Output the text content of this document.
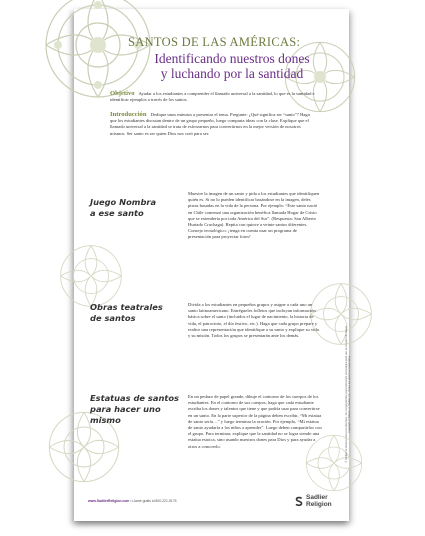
SANTOS DE LAS AMÉRICAS:

Identificando nuestros dones
y luchando por la santidad

Objetivo Ayudar a los estudiantes a comprender el llamado universal a la santidad, lo que es la santidad e identificar ejemplos a través de los santos.

Introducción Dedique unos minutos a presentar el tema. Pregunte: ¿Qué significa ser “santo”? Haga que los estudiantes discutan dentro de un grupo pequeño, luego comparta ideas con la clase. Explique que el llamado universal a la santidad se trata de esforzarnos para convertirnos en la mejor versión de nosotros mismos. Ser santo es ser quien Dios nos creó para ser.

Juego Nombra
a ese santo

Muestre la imagen de un santo y pida a los estudiantes que identifiquen quién es. Si no lo pueden identificar basándose en la imagen, deles pistas basadas en la vida de la persona. Por ejemplo: “Este santo nació en Chile comenzó una organización benéfica llamada Hogar de Cristo que se extendería por toda América del Sur”. (Respuesta: San Alberto Hurtado Cruchaga). Repita con quince a veinte santos diferentes. Consejo tecnológico: ¡tenga en cuenta usar un programa de presentación para proyectar fotos!

Obras teatrales
de santos

Divida a los estudiantes en pequeños grupos y asigne a cada uno un santo latinoamericano. Entrégueles folletos que incluyan información básica sobre el santo (incluidos el lugar de nacimiento, la historia de vida, el patrocinio, el día festivo, etc.). Haga que cada grupo prepare y realice una representación que identifique a su santo y explique su vida y su misión. Todos los grupos se presentarán ante los demás.

Estatuas de santos
para hacer uno
mismo

En un pedazo de papel grande, dibuje el contorno de los cuerpos de los estudiantes. En el contorno de sus cuerpos, haga que cada estudiante escriba los dones y talentos que tiene y que podría usar para convertirse en un santo. En la parte superior de la página deben escribir, “Mi estatua de santo sería…” y luego terminar la oración. Por ejemplo, “Mi estatua de santo ayudaría a los niños a aprender”. Luego deben compartirlos con el grupo. Para terminar, explique que la santidad no se logra siendo una estatua estoica, sino usando nuestros dones para Dios y para ayudar a otros a conocerlo.	© Sadlier se reserva todos los derechos. Se otorga permiso para reproducir esta página para uso en el salón de clases. Copyright © William H. Sadlier, Inc. Todos los derechos reservados.
www.SadlierReligion.com • Llame gratis al 800-221-5175	Sadlier Religion
